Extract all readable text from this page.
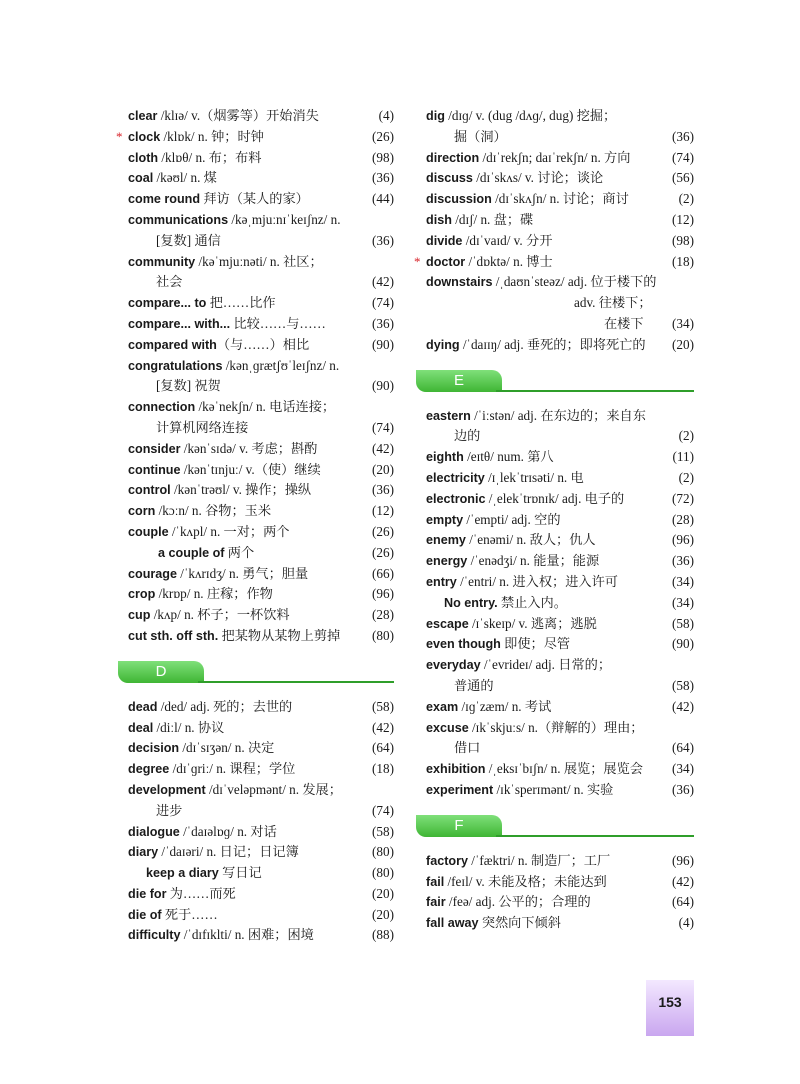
clear /klɪə/ v.（烟雾等）开始消失	(4)
* clock /klɒk/ n. 钟；时钟	(26)
cloth /klɒθ/ n. 布；布料	(98)
coal /kəʊl/ n. 煤	(36)
come round 拜访（某人的家）	(44)
communications /kəˌmjuːnɪˈkeɪʃnz/ n.
[复数] 通信	(36)
community /kəˈmjuːnəti/ n. 社区；
社会	(42)
compare... to 把……比作	(74)
compare... with... 比较……与……	(36)
compared with（与……）相比	(90)
congratulations /kənˌɡrætʃʊˈleɪʃnz/ n.
[复数] 祝贺	(90)
connection /kəˈnekʃn/ n. 电话连接；
计算机网络连接	(74)
consider /kənˈsɪdə/ v. 考虑；斟酌	(42)
continue /kənˈtɪnjuː/ v.（使）继续	(20)
control /kənˈtrəʊl/ v. 操作；操纵	(36)
corn /kɔːn/ n. 谷物；玉米	(12)
couple /ˈkʌpl/ n. 一对；两个	(26)
a couple of 两个	(26)
courage /ˈkʌrɪdʒ/ n. 勇气；胆量	(66)
crop /krɒp/ n. 庄稼；作物	(96)
cup /kʌp/ n. 杯子；一杯饮料	(28)
cut sth. off sth. 把某物从某物上剪掉	(80)
D
dead /ded/ adj. 死的；去世的	(58)
deal /diːl/ n. 协议	(42)
decision /dɪˈsɪʒən/ n. 决定	(64)
degree /dɪˈɡriː/ n. 课程；学位	(18)
development /dɪˈveləpmənt/ n. 发展；
进步	(74)
dialogue /ˈdaɪəlɒɡ/ n. 对话	(58)
diary /ˈdaɪəri/ n. 日记；日记簿	(80)
keep a diary 写日记	(80)
die for 为……而死	(20)
die of 死于……	(20)
difficulty /ˈdɪfɪklti/ n. 困难；困境	(88)
dig /dɪɡ/ v. (dug /dʌɡ/, dug) 挖掘；
掘（洞）	(36)
direction /dɪˈrekʃn; daɪˈrekʃn/ n. 方向	(74)
discuss /dɪˈskʌs/ v. 讨论；谈论	(56)
discussion /dɪˈskʌʃn/ n. 讨论；商讨	(2)
dish /dɪʃ/ n. 盘；碟	(12)
divide /dɪˈvaɪd/ v. 分开	(98)
* doctor /ˈdɒktə/ n. 博士	(18)
downstairs /ˌdaʊnˈsteəz/ adj. 位于楼下的
adv. 往楼下；
在楼下	(34)
dying /ˈdaɪɪŋ/ adj. 垂死的；即将死亡的	(20)
E
eastern /ˈiːstən/ adj. 在东边的；来自东
边的	(2)
eighth /eɪtθ/ num. 第八	(11)
electricity /ɪˌlekˈtrɪsəti/ n. 电	(2)
electronic /ˌelekˈtrɒnɪk/ adj. 电子的	(72)
empty /ˈempti/ adj. 空的	(28)
enemy /ˈenəmi/ n. 敌人；仇人	(96)
energy /ˈenədʒi/ n. 能量；能源	(36)
entry /ˈentri/ n. 进入权；进入许可	(34)
No entry. 禁止入内。	(34)
escape /ɪˈskeɪp/ v. 逃离；逃脱	(58)
even though 即使；尽管	(90)
everyday /ˈevrideɪ/ adj. 日常的；
普通的	(58)
exam /ɪɡˈzæm/ n. 考试	(42)
excuse /ɪkˈskjuːs/ n.（辩解的）理由；
借口	(64)
exhibition /ˌeksɪˈbɪʃn/ n. 展览；展览会	(34)
experiment /ɪkˈsperɪmənt/ n. 实验	(36)
F
factory /ˈfæktri/ n. 制造厂；工厂	(96)
fail /feɪl/ v. 未能及格；未能达到	(42)
fair /feə/ adj. 公平的；合理的	(64)
fall away 突然向下倾斜	(4)
153
